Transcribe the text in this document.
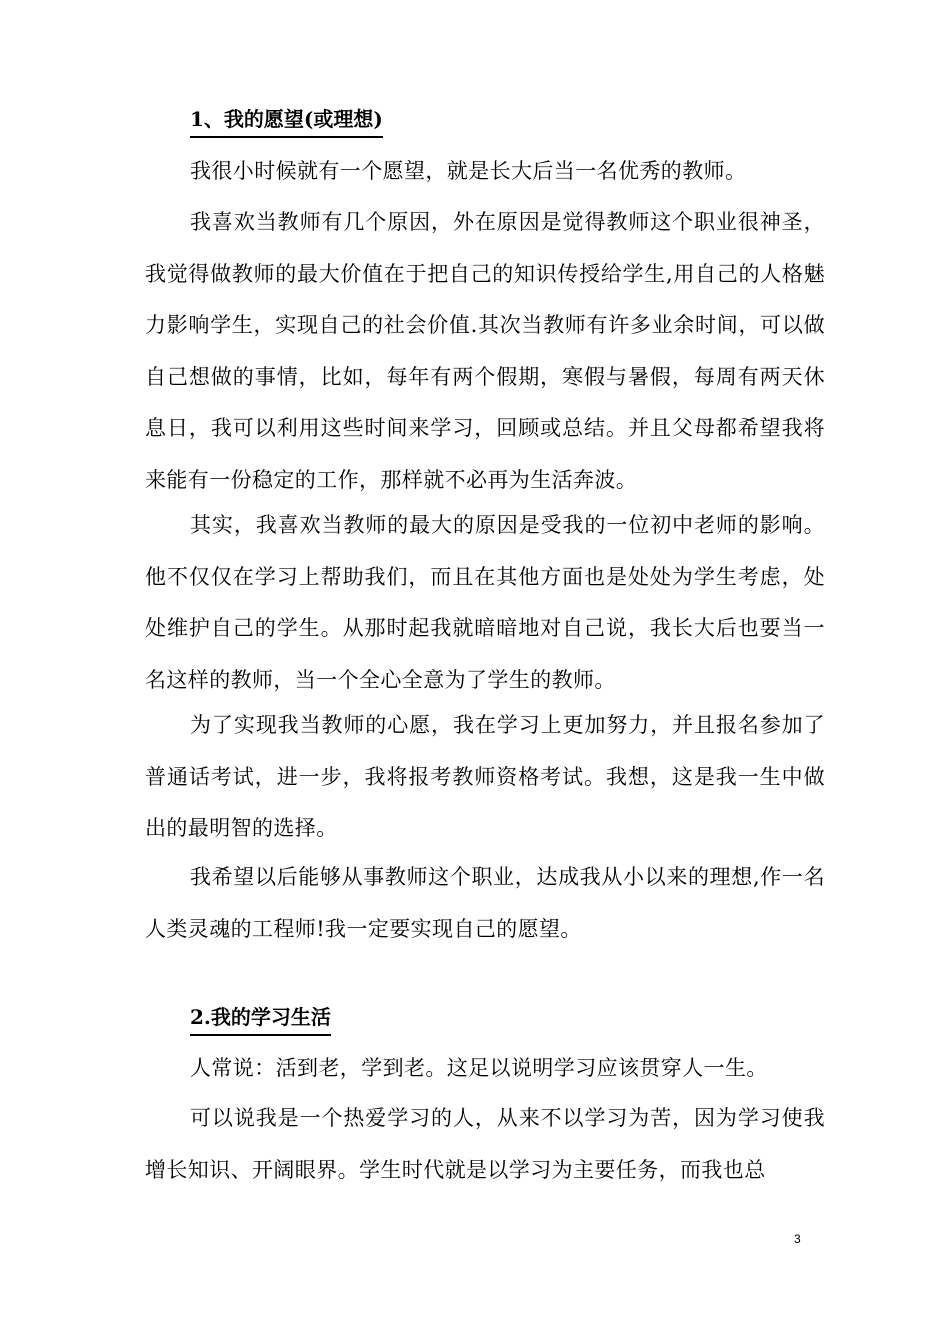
1、我的愿望(或理想)

我很小时候就有一个愿望，就是长大后当一名优秀的教师。

我喜欢当教师有几个原因，外在原因是觉得教师这个职业很神圣，我觉得做教师的最大价值在于把自己的知识传授给学生,用自己的人格魅力影响学生，实现自己的社会价值.其次当教师有许多业余时间，可以做自己想做的事情，比如，每年有两个假期，寒假与暑假，每周有两天休息日，我可以利用这些时间来学习，回顾或总结。并且父母都希望我将来能有一份稳定的工作，那样就不必再为生活奔波。

其实，我喜欢当教师的最大的原因是受我的一位初中老师的影响。他不仅仅在学习上帮助我们，而且在其他方面也是处处为学生考虑，处处维护自己的学生。从那时起我就暗暗地对自己说，我长大后也要当一名这样的教师，当一个全心全意为了学生的教师。

为了实现我当教师的心愿，我在学习上更加努力，并且报名参加了普通话考试，进一步，我将报考教师资格考试。我想，这是我一生中做出的最明智的选择。

我希望以后能够从事教师这个职业，达成我从小以来的理想,作一名人类灵魂的工程师!我一定要实现自己的愿望。

2.我的学习生活

人常说：活到老，学到老。这足以说明学习应该贯穿人一生。

可以说我是一个热爱学习的人，从来不以学习为苦，因为学习使我增长知识、开阔眼界。学生时代就是以学习为主要任务，而我也总

3
